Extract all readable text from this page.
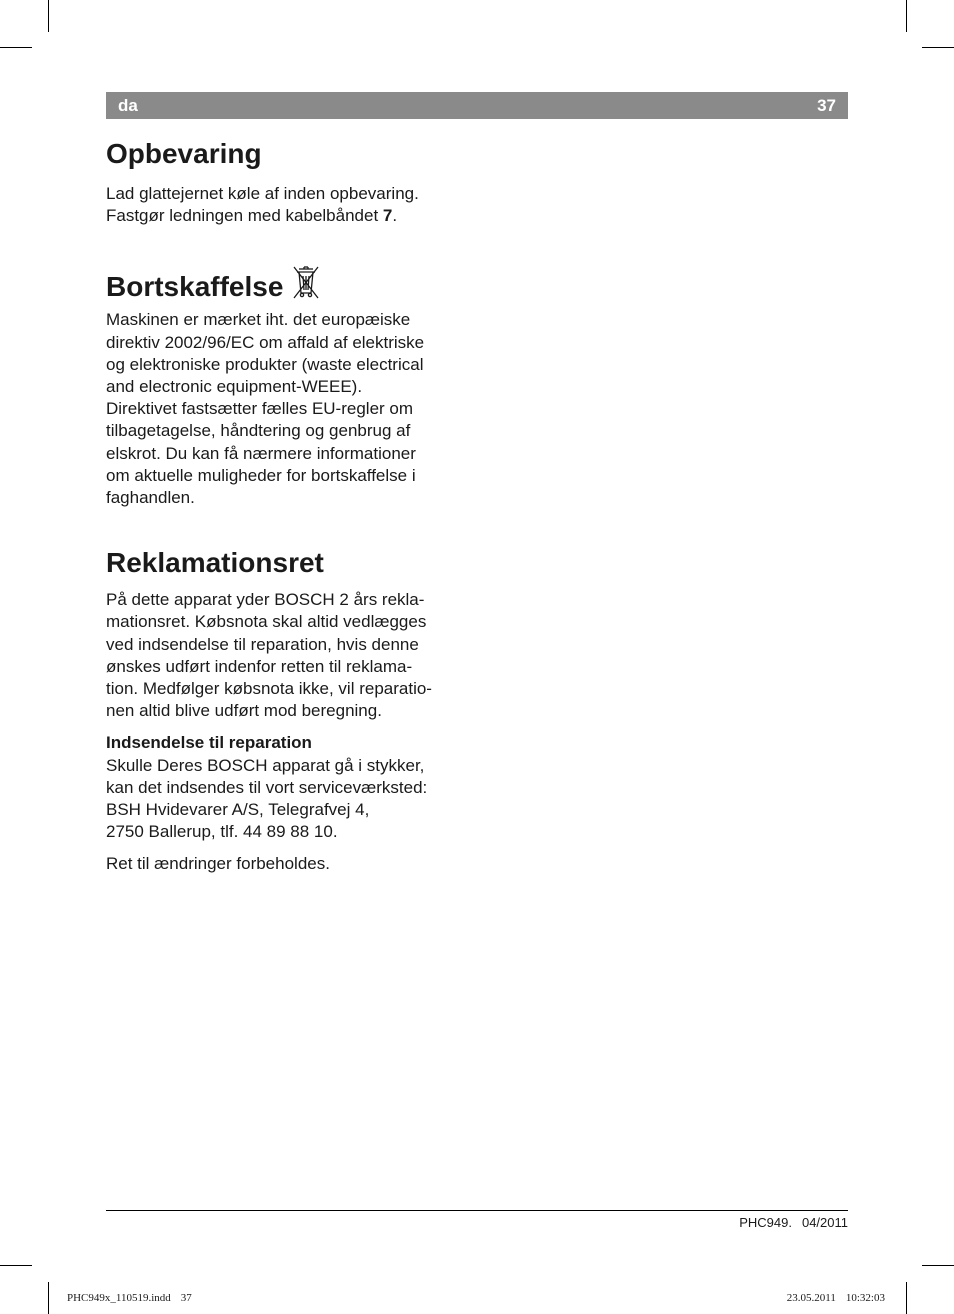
da	37
Opbevaring

Lad glattejernet køle af inden opbevaring.
Fastgør ledningen med kabelbåndet 7.

Bortskaffelse

Maskinen er mærket iht. det europæiske
direktiv 2002/96/EC om affald af elektriske
og elektroniske produkter (waste electrical
and electronic equipment-WEEE).
Direktivet fastsætter fælles EU-regler om
tilbagetagelse, håndtering og genbrug af
elskrot. Du kan få nærmere informationer
om aktuelle muligheder for bortskaffelse i
faghandlen.

Reklamationsret

På dette apparat yder BOSCH 2 års rekla-
mationsret. Købsnota skal altid vedlægges
ved indsendelse til reparation, hvis denne
ønskes udført indenfor retten til reklama-
tion. Medfølger købsnota ikke, vil reparatio-
nen altid blive udført mod beregning.

Indsendelse til reparation
Skulle Deres BOSCH apparat gå i stykker,
kan det indsendes til vort serviceværksted:
BSH Hvidevarer A/S, Telegrafvej 4,
2750 Ballerup, tlf. 44 89 88 10.

Ret til ændringer forbeholdes.

PHC949. 04/2011
PHC949x_110519.indd 37	23.05.2011 10:32:03
